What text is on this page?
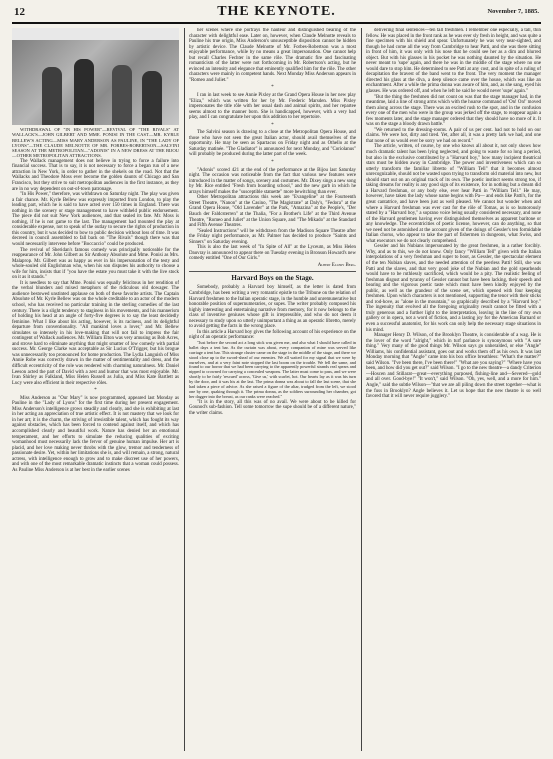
12	THE KEYNOTE.	November 7, 1885.

WITHDRAWAL OF "IN HIS POWER"—REVIVAL OF "THE RIVALS" AT WALLACK'S—JOHN GILBERT AND MME. PONISI IN THE CAST—MR. KYRLE BELLEW'S ACTING—MISS MARY ANDERSON AS PAULINE, IN "THE LADY OF LYONS"—THE CLAUDE MELNOTTE OF MR. FORBES-ROBERTSON—SALVINI SEASON AT THE METROPOLITAN—"ADONIS" IN A NEW DRESS AT THE BIJOU—OTHER METROPOLITAN ATTRACTIONS.

The Wallack management does not believe in trying to force a failure into financial success. That is to say, it is not necessary to force a began run of a new attraction in New York, in order to gather in the shekels on the road. Not that the Wallacks and Theodore Moss ever become the golden daunts of Chicago and San Francisco, but they strive to suit metropolitan audiences in the first instance, as they are in no way dependent on out-of-town patronage.

"In His Power," therefore, was withdrawn on Saturday night. The play was given a fair chance. Mr. Kyrle Bellew was expressly imported from London, to play the leading part, which he is said to have acted over 150 times in England. There was nothing in the scenery or stage management to have withheld public endorsement. The piece did not suit New York audiences, and that sealed its fate. Mr. Moss is nothing, if he is not game to the last. The management had mounted the play at considerable expense, not to speak of the outlay to secure the rights of production in this country, but it was decided to bow to public decision without loss of time. It was decreed in council assembled to fall back on "The Rivals" though there was that would necessarily intervene before "Boccaccio" could be produced.

The revival of Sheridan's famous comedy was principally noticeable for the reappearance of Mr. John Gilbert as Sir Anthony Absolute and Mme. Ponisi as Mrs. Malaprop. Mr. Gilbert was as happy as ever in his impersonation of the testy and whole-souled old Englishman who, when his son disputes his authority to choose a wife for him, insists that if "you have the estate you must take it with the live stock on it as it stands."

It is needless to say that Mme. Ponisi was equally felicitous in her rendition of the verbal blunders and mixed metaphors of the ridiculous old dowager. The audience bestowed unstinted applause on both of these favorite artists. The Captain Absolute of Mr. Kyrle Bellew was on the whole creditable to an actor of the modern school, who has received no particular training in the sterling comedies of the last century. There is a slight tendency to staginess in his movements, and his mannerism of holding his head at an angle of forty-five degrees is to say the least decidedly feminine. What I like about his acting, however, is its raciness, and its delightful departure from conventionality. "All mankind loves a lover," and Mr. Bellew simulates so intensely in his love-making that will not fail to impress the fair contingent of Wallack audiences. Mr. William Elton was very amusing as Bob Acres, and strove hard to eliminate anything that might smatter of low comedy with partial success. Mr. George Clarke was acceptable as Sir Lucius O'Trigger, but his brogue was unnecessarily too pronounced for home production. The Lydia Languish of Miss Annie Robe was correctly drawn in the matter of sentimentality and dress, and the difficult eccentricity of the role was rendered with charming naturalness. Mr. Daniel Leeson acted the part of David with a zest and humor that was most enjoyable. Mr. Ivan Shirley as Falkland, Miss Helen Russell as Julia, and Miss Kate Bartlett as Lucy were also efficient in their respective rôles.

*

Miss Anderson as "Our Mary" is now programmed, appeared last Monday as Pauline in the "Lady of Lyons" for the first time during her present engagement. Miss Anderson's intelligence grows steadily and clearly, and she is exhibiting at last in her acting an appreciation of true artistic effect. It is not mastery that we look for in her art; it is the charm, the striving of irresistible talent, which has fought its way against obstacles, which has been forced to contend against itself, and which has accomplished clearly and beautiful work. Nature has denied her an emotional temperament, and her efforts to simulate the reducing qualities of exciting womanhood must necessarily lack the fervor of genuine human impulse. Her art is placid, and her love making never throbs with the glow, tremor and tenderness of passionate desire. Yet, within her limitations she is, and will remain, a strong, natural actress, with intelligence enough to grow and to make discreet use of her powers, and with one of the most remarkable dramatic instincts that a woman could possess. As Pauline Miss Anderson is at her best in the earlier scenes

her scenes where she portrays the hauteur and distinguished bearing of the character with delightful ease. Later on, however, when Claude Melnotte reveals to Pauline his true origin, Miss Anderson's unsusceptible disposition cannot be hidden by artistic device. The Claude Melnotte of Mr. Forbes-Robertson was a most enjoyable performance, while by no means a great impersonation. One cannot help but recall Charles Fechter in the same rôle. The dramatic fire and fascinating romanticism of the latter were not forthcoming in Mr. Robertson's acting, but he evinced an intensity and elegance that eminently qualified him for the rôle. The other characters were mainly in competent hands. Next Monday Miss Anderson appears in "Romeo and Juliet."

*

I ran in last week to see Annie Pixley at the Grand Opera House in her new play "Eliza," which was written for her by Mr. Frederic Marsden. Miss Pixley impersonates the title rôle with her usual dash and animal spirits, and her repartee seems almost to the manner born. She is handicapped, however, with a very bad play, and I can congratulate her upon this addition to her repertoire.

*

The Salvini season is drawing to a close at the Metropolitan Opera House, and those who have not seen the great Italian actor, should avail themselves of the opportunity. He may be seen as Spartacus on Friday night and as Othello at the Saturday matinée. "The Gladiator" is announced for next Monday, and "Coriolanus" will probably be produced during the latter part of the week.

*

"Adonis" scored 421 at the end of the performance at the Bijou last Saturday night. The occasion was noticeable from the fact that various new features were introduced in the matter of songs, scenery and costumes. Mr. Dixey sings a new song by Mr. Rice entitled "Fresh from boarding school," and the new garb in which he arrays himself makes the "susceptible statuette" more bewitching than ever.

Other Metropolitan attractions this week are "Evangeline" at the Fourteenth Street Theatre, "Nanon" at the Casino, "The Magistrate" at Daly's, "Fedora" at the Grand Opera House, "Old Lavender" at the Park, "Amazina" at the People's, "Der Bauch der Faldcsterren" at the Thalia, "For a Brother's Life" at the Third Avenue Theatre, "Romeo and Juliet" at the Union Square, and "The Mikado" at the Standard and Fifth Avenue Theatres.

"Sealed Instructions" will be withdrawn from the Madison Square Theatre after the Friday night performance, as Mr. Palmer has decided to produce "Saints and Sinners" on Saturday evening.

This is also the last week of "In Spite of All" at the Lyceum, as Miss Helen Dauvray is announced to appear there on Tuesday evening in Bronson Howard's new comedy entitled "One of Our Girls."

Albert Ellery Berg.
Harvard Boys on the Stage.

Somebody, probably a Harvard boy himself, as the letter is dated from Cambridge, has been writing a very romantic epistle to the Tribune on the relation of Harvard freshmen to the Italian operatic stage, in the humble and unremunerative but honorable position of supernumeraries, or supes. The writer probably composed his highly interesting and entertaining narrative from memory, for it now belongs to the class of inventive geniuses whose gift is irrepressible, and who do not deem it necessary to study upon so utterly unimportant a thing as an operatic libretto, merely to avoid getting the facts in the wrong place.

In this article a Harvard boy gives the following account of his experience on the night of an operatic performance:

"Just before the second act a long stick was given me, and also what I should have called in ballet days a tent bar. As the curtain was about, every companion of mine was served like carriage a tent bar. This strange cluster came on the stage in the middle of the stage, and there we stood close up to the sword-sheaf of our enemies. We all waited for my signal that we were by ourselves, and at a very faint note stopped the last boom on the trouble. We fell the same, and found to our horror that we had been carrying to the apparently powerful strands real spears and nipped to crowned for carrying a concealed weapons. The latter must come to pass, and we were shortly to be fairly 'rescued' across, 'Give us,' with scarlet, hot. Our hearts lay as it was his turn by the door, and it was his at the last. The prima donna was about to fall the last scene, that she had taken a piece of advice. As she raised a figure of the altar, trudged from the left, we stood one by one, quaking through it. The prima donna, as the soldiers surrounding her chamber, got her dagger into the breast, as our ranks were reached."

"It is in the story, all this was of no avail. We were about to be killed for Gounod's sub-fashion. Tell some tomorrow the supe should be of a different nature," the writer claims.

delivering final sentences—ten tall freshmen. I remember one especially, a tall, thin fellow. He was placed in the front rank as he was ever sly fresh in height, and was quite a fine specimen with his shield and spear. Unfortunately he was very near-sighted, and though he had come all the way from Cambridge to hear Patti, and she was there sitting in front of him, it was only with his nose that he could see her as a dim and blurred object. But with his glasses in his pocket he was nothing daunted by the situation. He never meant to 'supe' again, and there he was in the middle of the stage where no one would dare to stop him. He determined to see Patti at any cost, and in spite of a ruling of decapitation the bravest of the band went to the front. The very moment the manager directed his glass at the diva, a deep silence came over the house, which was like an enchantment. After a while the prima donna was aware of him, and, as she sang, eyed his glasses. He was ordered off, and when he left he said he would never 'supe' again."

"But the thing the freshmen did not count on was that the stage manager had, in the meantime, laid a line of strong arms which with the hoarse command of 'On! On!' moved them along across the stage. There was an excited rush to the spot, and in the confusion every one of the men who were in the group was jerked off the stage, to reappear again a few moments later, and the stage manager ordered that they should have no more of it. It was on the stage a bloody drawn battle."

"We returned to the dressing-rooms. A pair of us per cent. had not to hold on our claims. We were hot, dirty and tired. Yet, after all, it was a pretty lark we had, and one that none of us would ever be sorry we had on record."

The article, written, of course, by one who knows all about it, not only shows how much dramatic talent has been lying neglected, and going to waste for so long a period, but also in the exclusive contributed by a "Harvard boy," how many incipient theatrical stars must be hidden away in Cambridge. The power and inventiveness which can so utterly transform the familiar libretto of "William Tell" that it becomes almost unrecognizable, should not be wasted upon trying to transform old material into new, but should start out on an original track of its own. The poetic instinct seems strong too, if taking dreams for reality is any good sign of its existence, for in nothing but a dream did a Harvard freshman, or any body else, ever hear Patti in "William Tell." He may, however, have taken the lady whose name begins with Pa— and ends like Patti's, for the great cantatrice, and have been just as well pleased. We cannot but wonder when and where a Harvard freshman was ever cast for the rôle of Tomas, as is so humorously stated by a "Harvard boy," a soprano voice being usually considered necessary, and none of the Harvard gentlemen having ever distinguished themselves as apparent baritone or any knowledge. The eccentricities of poetic license, however, can do anything, so that we need not be astonished at the account given of the doings of Gessler's ten formidable Italian chorus, who appear to take the part of fishermen in dungeons, what Swiss, and what executors we do not clearly comprehend.

Gessler and his Nubians impersonated by the great freshmen, in a rather forcibly. Why, and as to this, we do not know. Only fancy "William Tell" given with the Italian interpolations of a very freshman and super to boot, as Gessler, the spectacular element of the ten Nubian slaves, and the needed attention of the peerless Patti! Still, she was Patti and the slaves, and that very good joke of the Nubian and the gold spearheads would have to be ruthlessly sacrificed, which would be a pity. The realistic feeling of freshman disgust and tyranny of Gessler cannot but have been lacking, their speech and bearing and the vigorous poetic taste which must have been kindly enjoyed by the public, as well as the grandeur of the scene set, which opened with four keeping freshmen. Upon which characters is not mentioned, supporting the tenor with their sticks and rod-hove, as "alone in the mountain," so graphically described by a "Harvard boy." The ingenuity that evolved all the foregoing originality result cannot be fitted with a truly generous and a further light to the interpretation, leaving in the line of my own gallery or in opera, not a word of fiction, and a lasting joy for the American Barnard or even a successful anatomist, for his work can only help the necessary stage situations in his mind.

Manager Henry D. Wilson, of the Brooklyn Theatre, is considerable of a wag. He is the lover of the word "alright," which in turf parlance is synonymous with "A sure thing." Very many of the good things Mr. Wilson says go unheralded, or else "Angle" Williams, his confidential assistant, goes out and works them off as his own. It was last Monday morning that "Angle" came into his box office breathless: "What's the matter?" said Wilson. "I've been there, I've been there!" "What are you saying?" "Where have you been, and how did you get out?" said Wilson. "I go to the new theatre—a dandy Criterion—Hoscen and Stillarat—great—everything purposed, fishing-line and—Severed—gold and all over. Good-bye!" "It won't," said Wilson. "Oh, yes, well, and a more for him." Angle," said the subtle Wilson—"that we are all piling down the street together—what is the fuss in Brooklyn? Angle believes it. Let us hope that the new theatre is so well favored that it will never require jugglery."
